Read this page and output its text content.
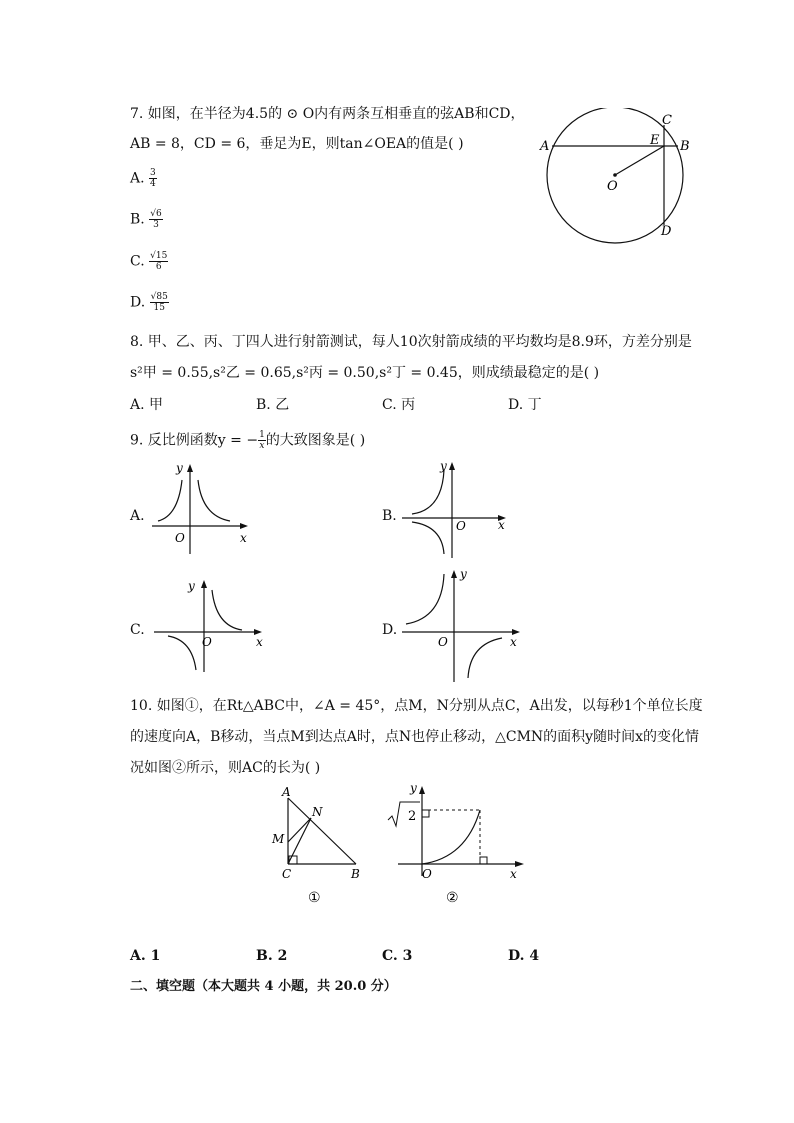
7. 如图，在半径为4.5的 ⊙ O内有两条互相垂直的弦AB和CD，
AB = 8，CD = 6，垂足为E，则tan∠OEA的值是( )
A. $\frac{3}{4}$
B. $\frac{√6}{3}$
C. $\frac{√15}{6}$
D. $\frac{√85}{15}$
A	B
C
D
E
O
8. 甲、乙、丙、丁四人进行射箭测试，每人10次射箭成绩的平均数均是8.9环，方差分别是
s²甲 = 0.55,s²乙 = 0.65,s²丙 = 0.50,s²丁 = 0.45，则成绩最稳定的是( )
A. 甲	B. 乙	C. 丙	D. 丁
9. 反比例函数y = − $\frac{1}{x}$ 的大致图象是( )
A.	B.
C.	D.
y
x
O
y
x
O
y
x
O
y
x
O
10. 如图①，在Rt△ABC中，∠A = 45°，点M，N分别从点C，A出发，以每秒1个单位长度
的速度向A，B移动，当点M到达点A时，点N也停止移动，△CMN的面积y随时间x的变化情
况如图②所示，则AC的长为( )
A
N
M
C	B
①
2
y
O	x
②
A. 1	B. 2	C. 3	D. 4
二、填空题（本大题共 4 小题，共 20.0 分）
